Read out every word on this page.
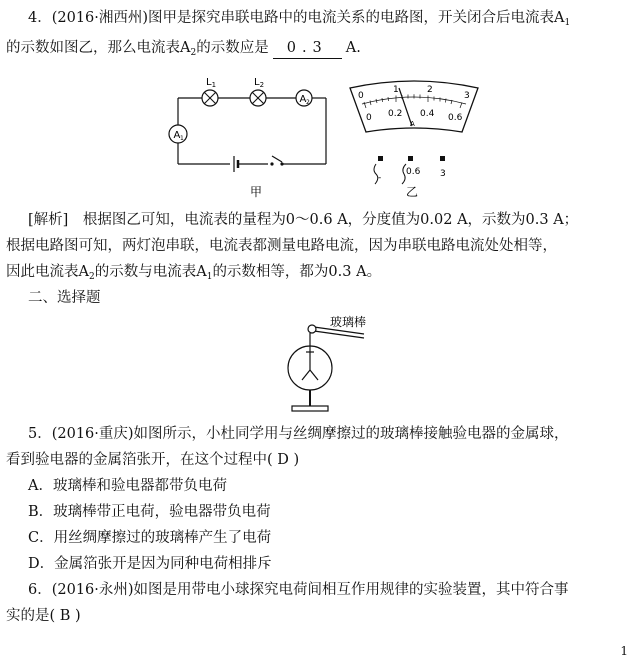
4．(2016·湘西州)图甲是探究串联电路中的电流关系的电路图，开关闭合后电流表$A_1$
的示数如图乙，那么电流表$A_2$的示数应是 0.3 A.
$L_1$	$L_2$
A 2
A 1
甲
0
1	2
3
0 0.2 0.4 0.6
A
-
0.6 3
乙
[解析]　根据图乙可知，电流表的量程为0～0.6 A，分度值为0.02 A，示数为0.3 A；
根据电路图可知，两灯泡串联，电流表都测量电路电流，因为串联电路电流处处相等，
因此电流表$A_2$的示数与电流表$A_1$的示数相等，都为0.3 A。
二、选择题
玻璃棒
5．(2016·重庆)如图所示，小杜同学用与丝绸摩擦过的玻璃棒接触验电器的金属球，
看到验电器的金属箔张开，在这个过程中( D )
A．玻璃棒和验电器都带负电荷
B．玻璃棒带正电荷，验电器带负电荷
C．用丝绸摩擦过的玻璃棒产生了电荷
D．金属箔张开是因为同种电荷相排斥
6．(2016·永州)如图是用带电小球探究电荷间相互作用规律的实验装置，其中符合事
实的是( B )
1
